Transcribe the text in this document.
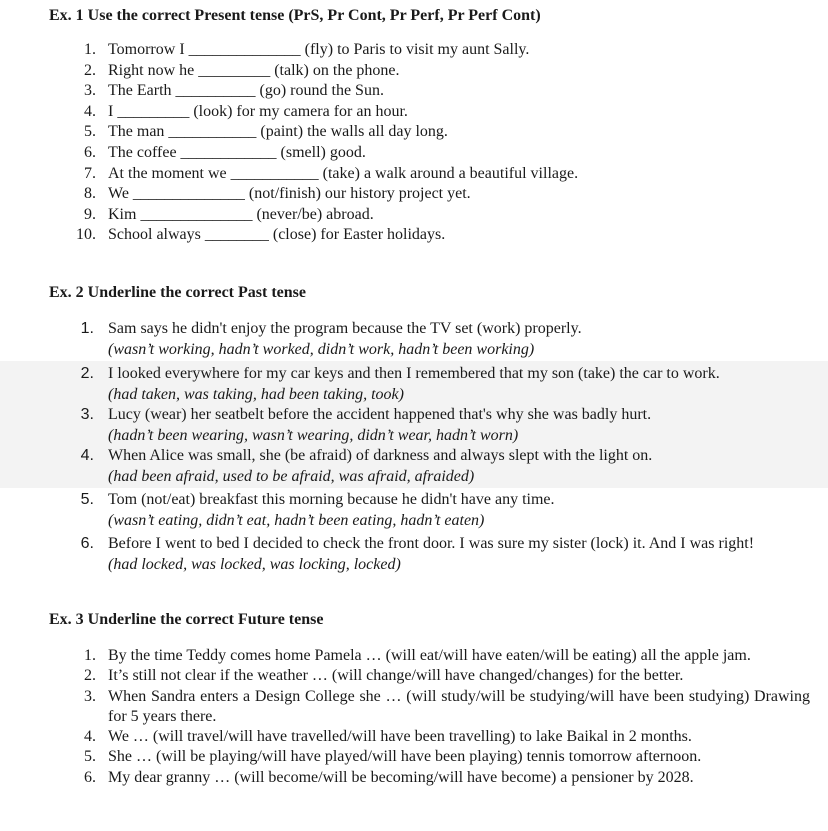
Ex. 1 Use the correct Present tense (PrS, Pr Cont, Pr Perf, Pr Perf Cont)
1. Tomorrow I ______________ (fly) to Paris to visit my aunt Sally.
2. Right now he _________ (talk) on the phone.
3. The Earth __________ (go) round the Sun.
4. I _________ (look) for my camera for an hour.
5. The man ___________ (paint) the walls all day long.
6. The coffee ____________ (smell) good.
7. At the moment we ___________ (take) a walk around a beautiful village.
8. We ______________ (not/finish) our history project yet.
9. Kim ______________ (never/be) abroad.
10. School always ________ (close) for Easter holidays.
Ex. 2 Underline the correct Past tense
1. Sam says he didn't enjoy the program because the TV set (work) properly.
(wasn’t working, hadn’t worked, didn’t work, hadn’t been working)
2. I looked everywhere for my car keys and then I remembered that my son (take) the car to work.
(had taken, was taking, had been taking, took)
3. Lucy (wear) her seatbelt before the accident happened that's why she was badly hurt.
(hadn’t been wearing, wasn’t wearing, didn’t wear, hadn’t worn)
4. When Alice was small, she (be afraid) of darkness and always slept with the light on.
(had been afraid, used to be afraid, was afraid, afraided)
5. Tom (not/eat) breakfast this morning because he didn't have any time.
(wasn’t eating, didn’t eat, hadn’t been eating, hadn’t eaten)
6. Before I went to bed I decided to check the front door. I was sure my sister (lock) it. And I was right!
(had locked, was locked, was locking, locked)
Ex. 3 Underline the correct Future tense
1. By the time Teddy comes home Pamela … (will eat/will have eaten/will be eating) all the apple jam.
2. It’s still not clear if the weather … (will change/will have changed/changes) for the better.
3. When Sandra enters a Design College she … (will study/will be studying/will have been studying) Drawing for 5 years there.
4. We … (will travel/will have travelled/will have been travelling) to lake Baikal in 2 months.
5. She … (will be playing/will have played/will have been playing) tennis tomorrow afternoon.
6. My dear granny … (will become/will be becoming/will have become) a pensioner by 2028.
